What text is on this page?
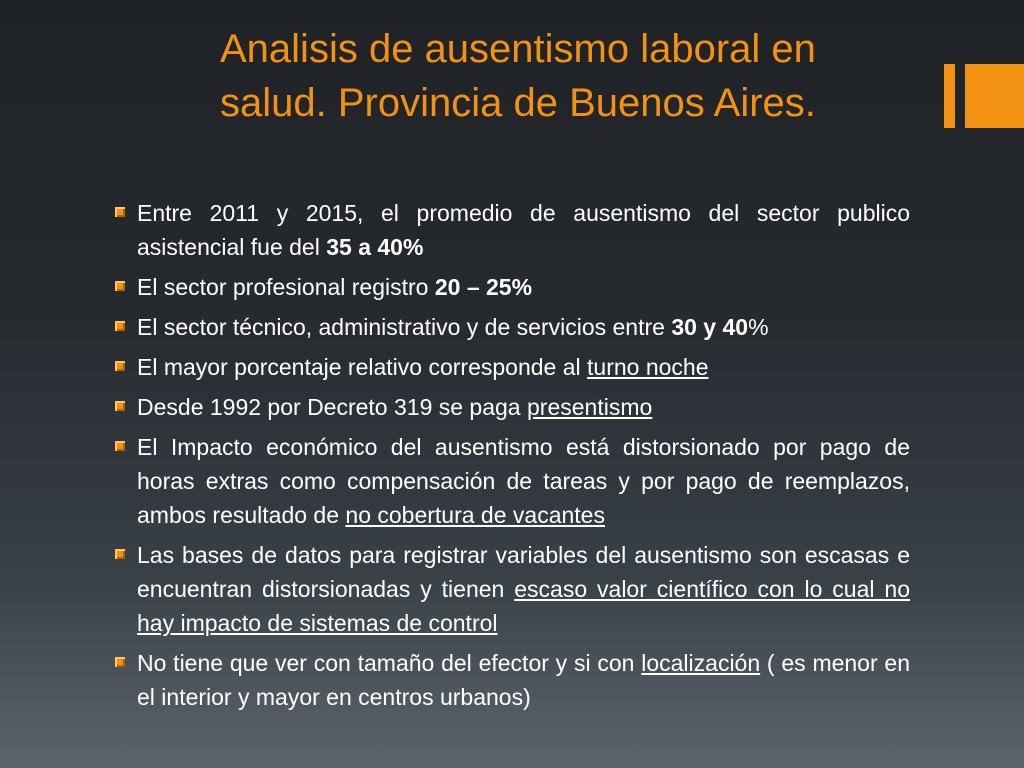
Analisis de ausentismo laboral en
salud. Provincia de Buenos Aires.
Entre 2011 y 2015, el promedio de ausentismo del sector publico asistencial fue del 35 a 40%
El sector profesional registro 20 – 25%
El sector técnico, administrativo y de servicios entre 30 y 40%
El mayor porcentaje relativo corresponde al turno noche
Desde 1992 por Decreto 319 se paga presentismo
El Impacto económico del ausentismo está distorsionado por pago de horas extras como compensación de tareas y por pago de reemplazos, ambos resultado de no cobertura de vacantes
Las bases de datos para registrar variables del ausentismo son escasas e encuentran distorsionadas y tienen escaso valor científico con lo cual no hay impacto de sistemas de control
No tiene que ver con tamaño del efector y si con localización ( es menor en el interior y mayor en centros urbanos)
